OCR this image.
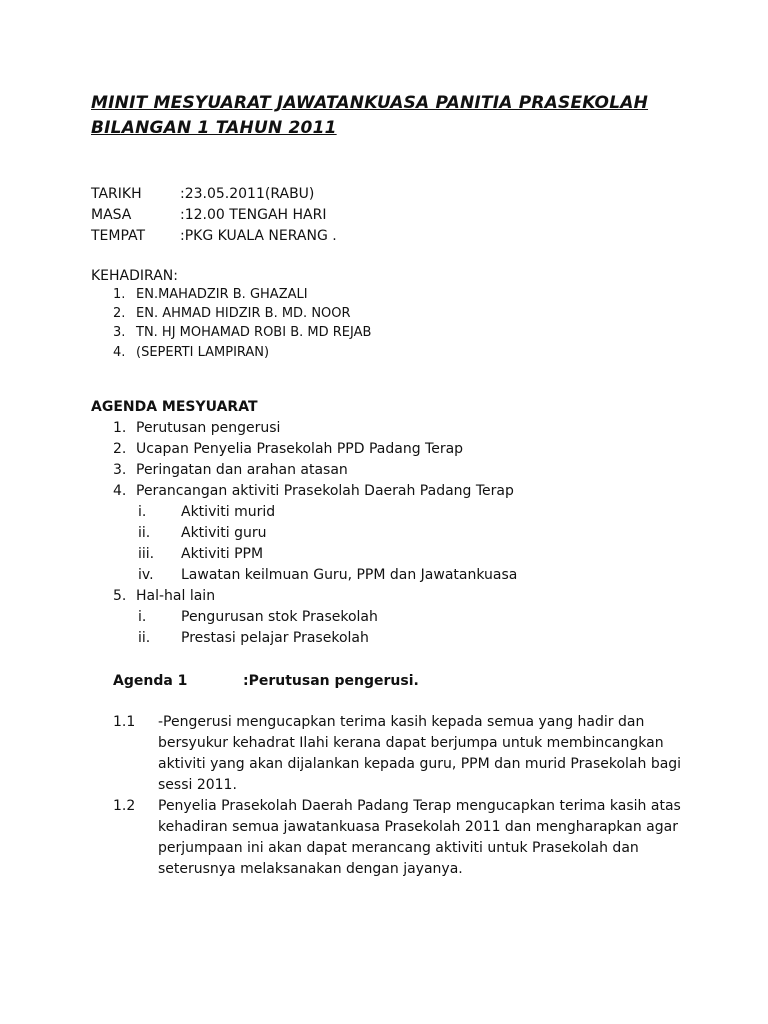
MINIT MESYUARAT JAWATANKUASA PANITIA PRASEKOLAH
BILANGAN 1 TAHUN 2011
TARIKH	:23.05.2011(RABU)
MASA	:12.00 TENGAH HARI
TEMPAT :PKG KUALA NERANG .
KEHADIRAN:
1. EN.MAHADZIR B. GHAZALI
2. EN. AHMAD HIDZIR B. MD. NOOR
3. TN. HJ MOHAMAD ROBI B. MD REJAB
4. (SEPERTI LAMPIRAN)
AGENDA MESYUARAT
1. Perutusan pengerusi
2. Ucapan Penyelia Prasekolah PPD Padang Terap
3. Peringatan dan arahan atasan
4. Perancangan aktiviti Prasekolah Daerah Padang Terap
i. Aktiviti murid
ii. Aktiviti guru
iii. Aktiviti PPM
iv. Lawatan keilmuan Guru, PPM dan Jawatankuasa
5. Hal-hal lain
i. Pengurusan stok Prasekolah
ii. Prestasi pelajar Prasekolah
Agenda 1	:Perutusan pengerusi.
1.1 -Pengerusi mengucapkan terima kasih kepada semua yang hadir dan
bersyukur kehadrat Ilahi kerana dapat berjumpa untuk membincangkan
aktiviti yang akan dijalankan kepada guru, PPM dan murid Prasekolah bagi
sessi 2011.
1.2 Penyelia Prasekolah Daerah Padang Terap mengucapkan terima kasih atas
kehadiran semua jawatankuasa Prasekolah 2011 dan mengharapkan agar
perjumpaan ini akan dapat merancang aktiviti untuk Prasekolah dan
seterusnya melaksanakan dengan jayanya.
